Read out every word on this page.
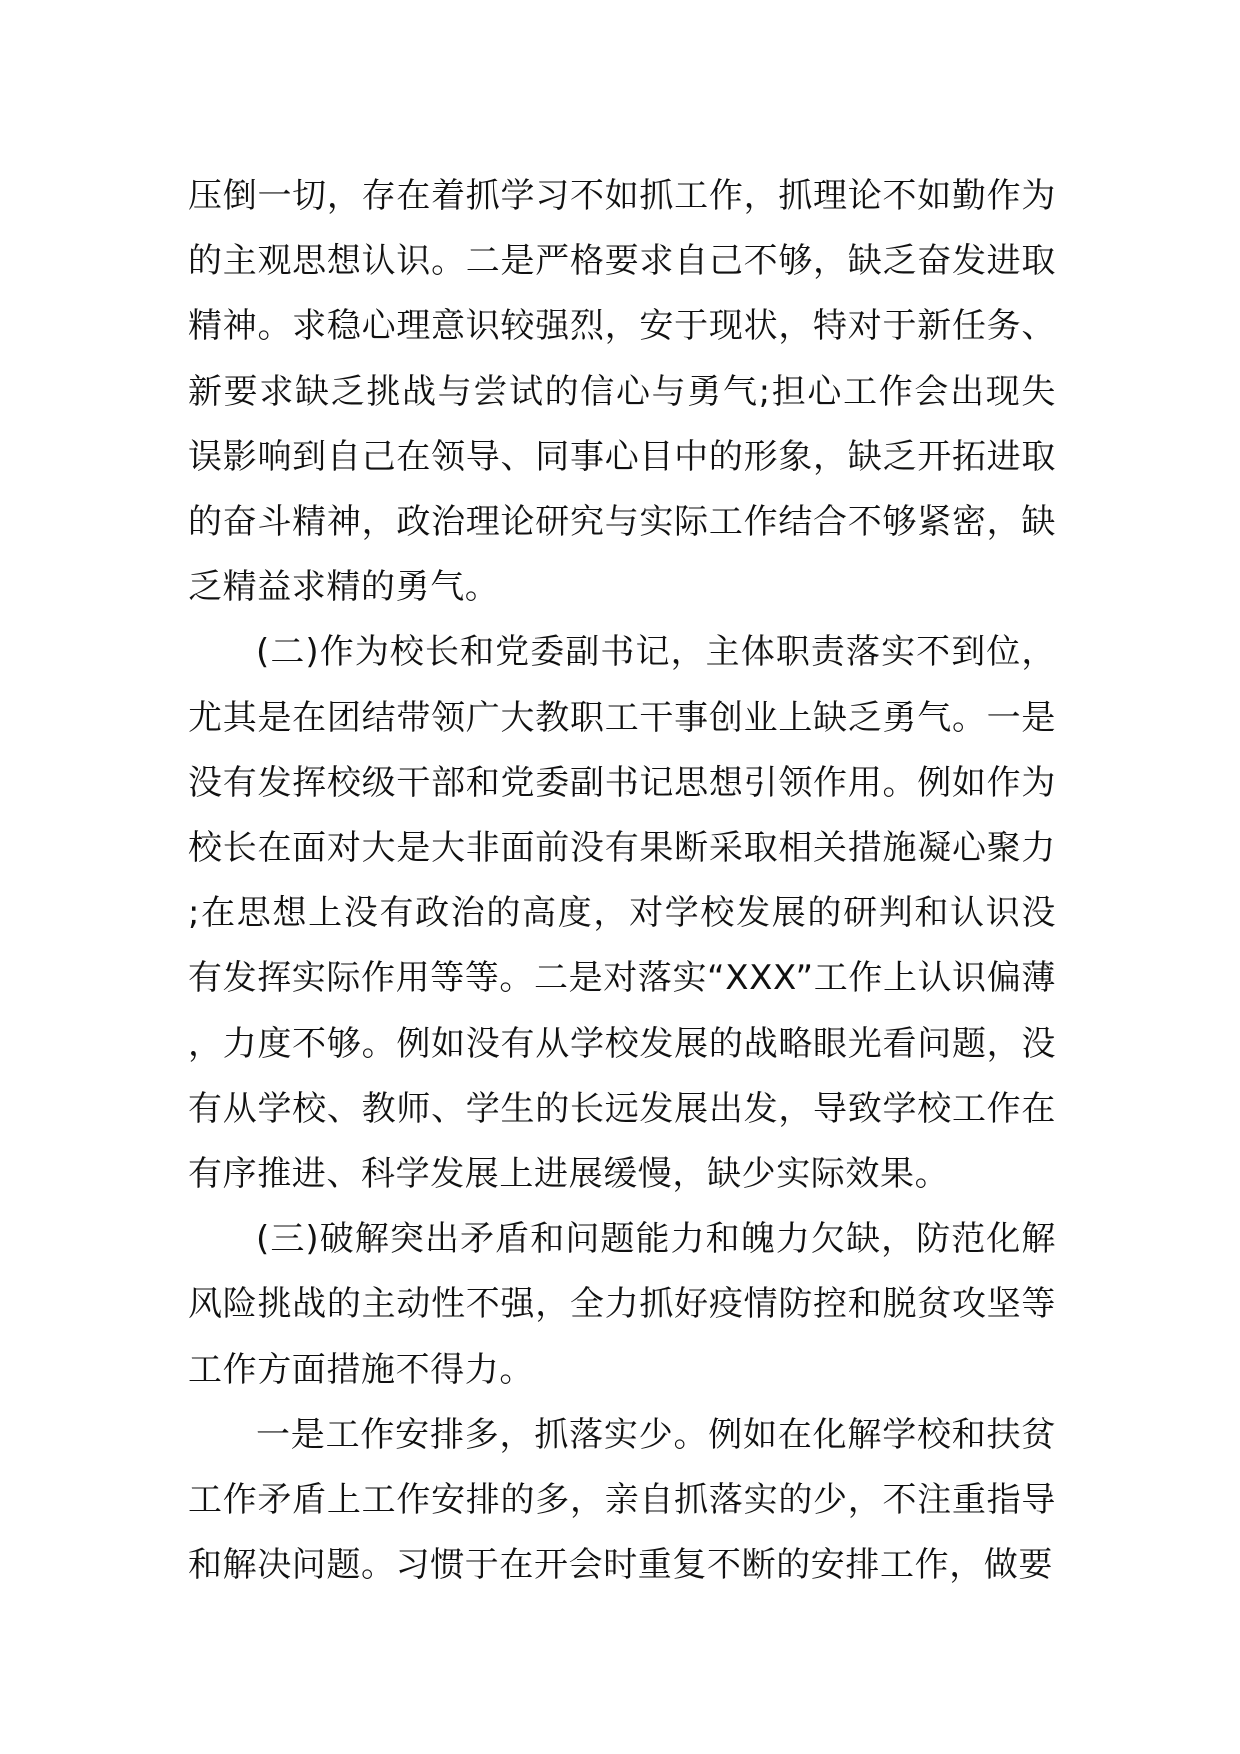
压倒一切，存在着抓学习不如抓工作，抓理论不如勤作为的主观思想认识。二是严格要求自己不够，缺乏奋发进取精神。求稳心理意识较强烈，安于现状，特对于新任务、新要求缺乏挑战与尝试的信心与勇气;担心工作会出现失误影响到自己在领导、同事心目中的形象，缺乏开拓进取的奋斗精神，政治理论研究与实际工作结合不够紧密，缺乏精益求精的勇气。

(二)作为校长和党委副书记，主体职责落实不到位，尤其是在团结带领广大教职工干事创业上缺乏勇气。一是没有发挥校级干部和党委副书记思想引领作用。例如作为校长在面对大是大非面前没有果断采取相关措施凝心聚力;在思想上没有政治的高度，对学校发展的研判和认识没有发挥实际作用等等。二是对落实“XXX”工作上认识偏薄，力度不够。例如没有从学校发展的战略眼光看问题，没有从学校、教师、学生的长远发展出发，导致学校工作在有序推进、科学发展上进展缓慢，缺少实际效果。

(三)破解突出矛盾和问题能力和魄力欠缺，防范化解风险挑战的主动性不强，全力抓好疫情防控和脱贫攻坚等工作方面措施不得力。

一是工作安排多，抓落实少。例如在化解学校和扶贫工作矛盾上工作安排的多，亲自抓落实的少，不注重指导和解决问题。习惯于在开会时重复不断的安排工作，做要
